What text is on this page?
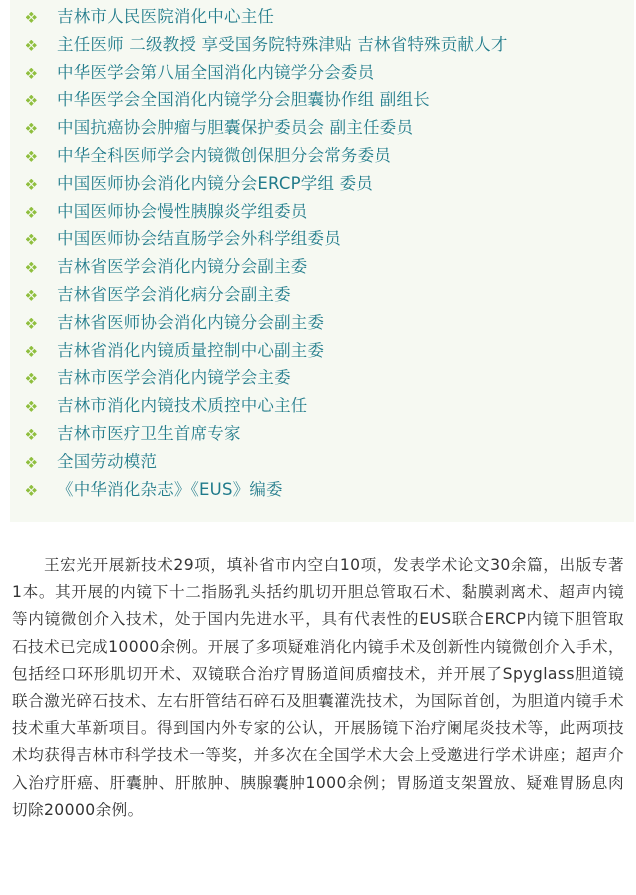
吉林市人民医院消化中心主任
主任医师 二级教授 享受国务院特殊津贴 吉林省特殊贡献人才
中华医学会第八届全国消化内镜学分会委员
中华医学会全国消化内镜学分会胆囊协作组 副组长
中国抗癌协会肿瘤与胆囊保护委员会 副主任委员
中华全科医师学会内镜微创保胆分会常务委员
中国医师协会消化内镜分会ERCP学组 委员
中国医师协会慢性胰腺炎学组委员
中国医师协会结直肠学会外科学组委员
吉林省医学会消化内镜分会副主委
吉林省医学会消化病分会副主委
吉林省医师协会消化内镜分会副主委
吉林省消化内镜质量控制中心副主委
吉林市医学会消化内镜学会主委
吉林市消化内镜技术质控中心主任
吉林市医疗卫生首席专家
全国劳动模范
《中华消化杂志》《EUS》编委

王宏光开展新技术29项，填补省市内空白10项，发表学术论文30余篇，出版专著1本。其开展的内镜下十二指肠乳头括约肌切开胆总管取石术、黏膜剥离术、超声内镜等内镜微创介入技术，处于国内先进水平，具有代表性的EUS联合ERCP内镜下胆管取石技术已完成10000余例。开展了多项疑难消化内镜手术及创新性内镜微创介入手术，包括经口环形肌切开术、双镜联合治疗胃肠道间质瘤技术，并开展了Spyglass胆道镜联合激光碎石技术、左右肝管结石碎石及胆囊灌洗技术，为国际首创，为胆道内镜手术技术重大革新项目。得到国内外专家的公认，开展肠镜下治疗阑尾炎技术等，此两项技术均获得吉林市科学技术一等奖，并多次在全国学术大会上受邀进行学术讲座；超声介入治疗肝癌、肝囊肿、肝脓肿、胰腺囊肿1000余例；胃肠道支架置放、疑难胃肠息肉切除20000余例。
